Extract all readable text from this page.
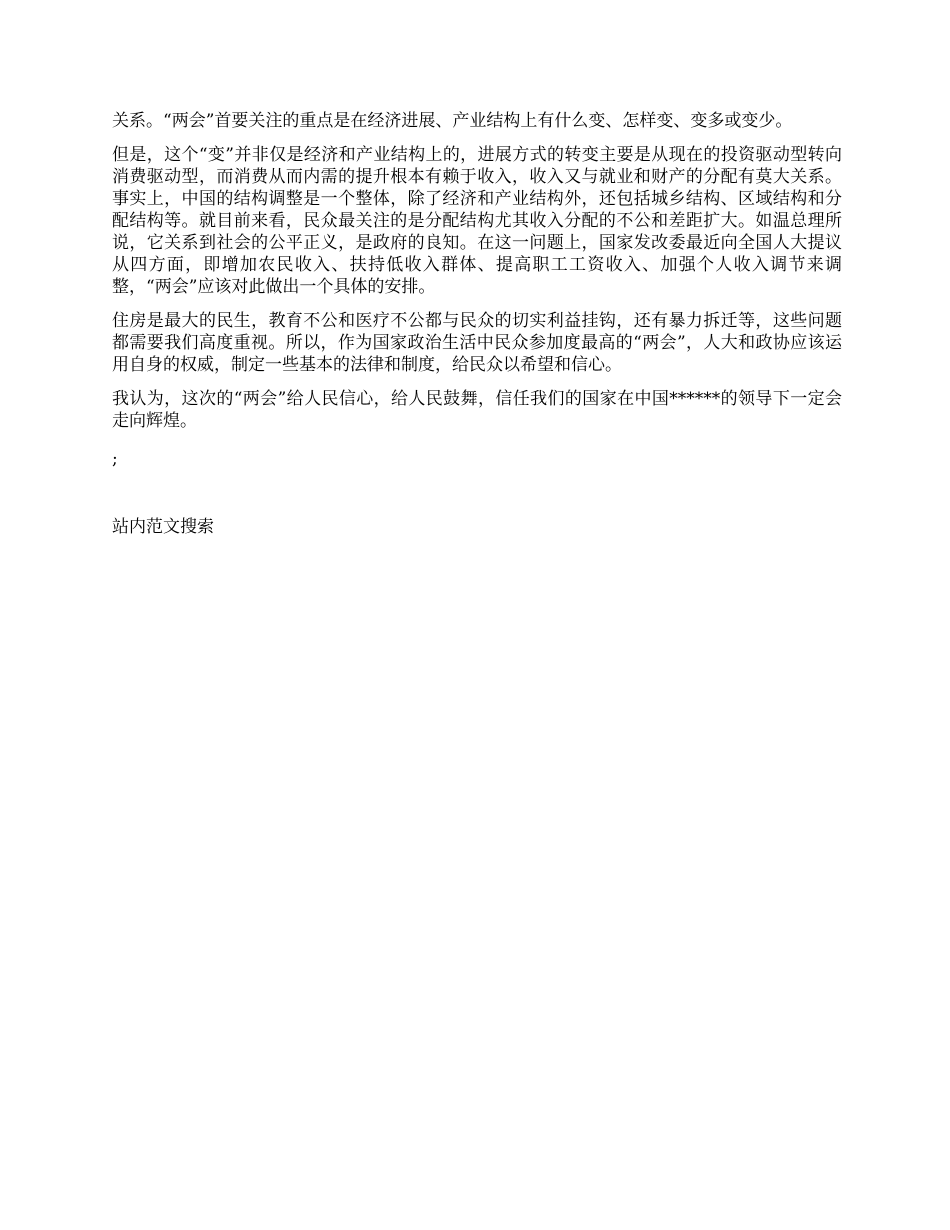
关系。“两会”首要关注的重点是在经济进展、产业结构上有什么变、怎样变、变多或变少。

但是，这个“变”并非仅是经济和产业结构上的，进展方式的转变主要是从现在的投资驱动型转向消费驱动型，而消费从而内需的提升根本有赖于收入，收入又与就业和财产的分配有莫大关系。事实上，中国的结构调整是一个整体，除了经济和产业结构外，还包括城乡结构、区域结构和分配结构等。就目前来看，民众最关注的是分配结构尤其收入分配的不公和差距扩大。如温总理所说，它关系到社会的公平正义，是政府的良知。在这一问题上，国家发改委最近向全国人大提议从四方面，即增加农民收入、扶持低收入群体、提高职工工资收入、加强个人收入调节来调整，“两会”应该对此做出一个具体的安排。

住房是最大的民生，教育不公和医疗不公都与民众的切实利益挂钩，还有暴力拆迁等，这些问题都需要我们高度重视。所以，作为国家政治生活中民众参加度最高的“两会”，人大和政协应该运用自身的权威，制定一些基本的法律和制度，给民众以希望和信心。

我认为，这次的“两会”给人民信心，给人民鼓舞，信任我们的国家在中国******的领导下一定会走向辉煌。

;
站内范文搜索
